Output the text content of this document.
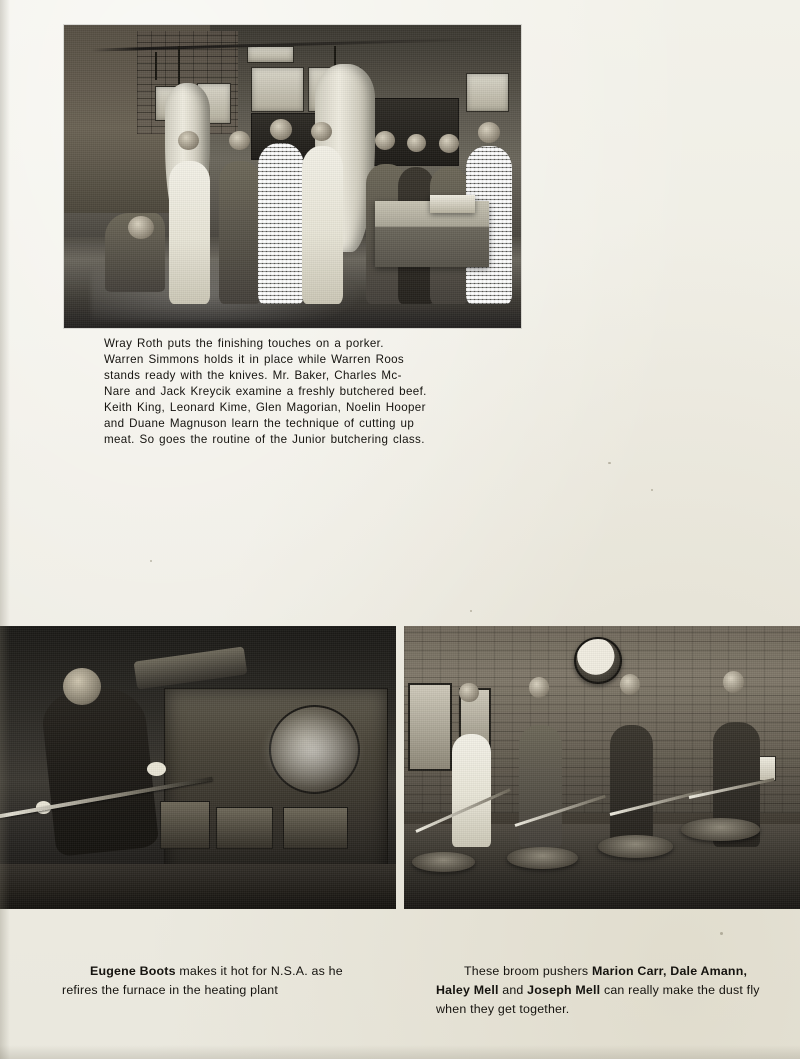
Wray Roth puts the finishing touches on a porker.
Warren Simmons holds it in place while Warren Roos
stands ready with the knives. Mr. Baker, Charles Mc-
Nare and Jack Kreycik examine a freshly butchered beef.
Keith King, Leonard Kime, Glen Magorian, Noelin Hooper
and Duane Magnuson learn the technique of cutting up
meat. So goes the routine of the Junior butchering class.
Eugene Boots makes it hot for N.S.A. as he refires the furnace in the heating plant
These broom pushers Marion Carr, Dale Amann, Haley Mell and Joseph Mell can really make the dust fly when they get together.
